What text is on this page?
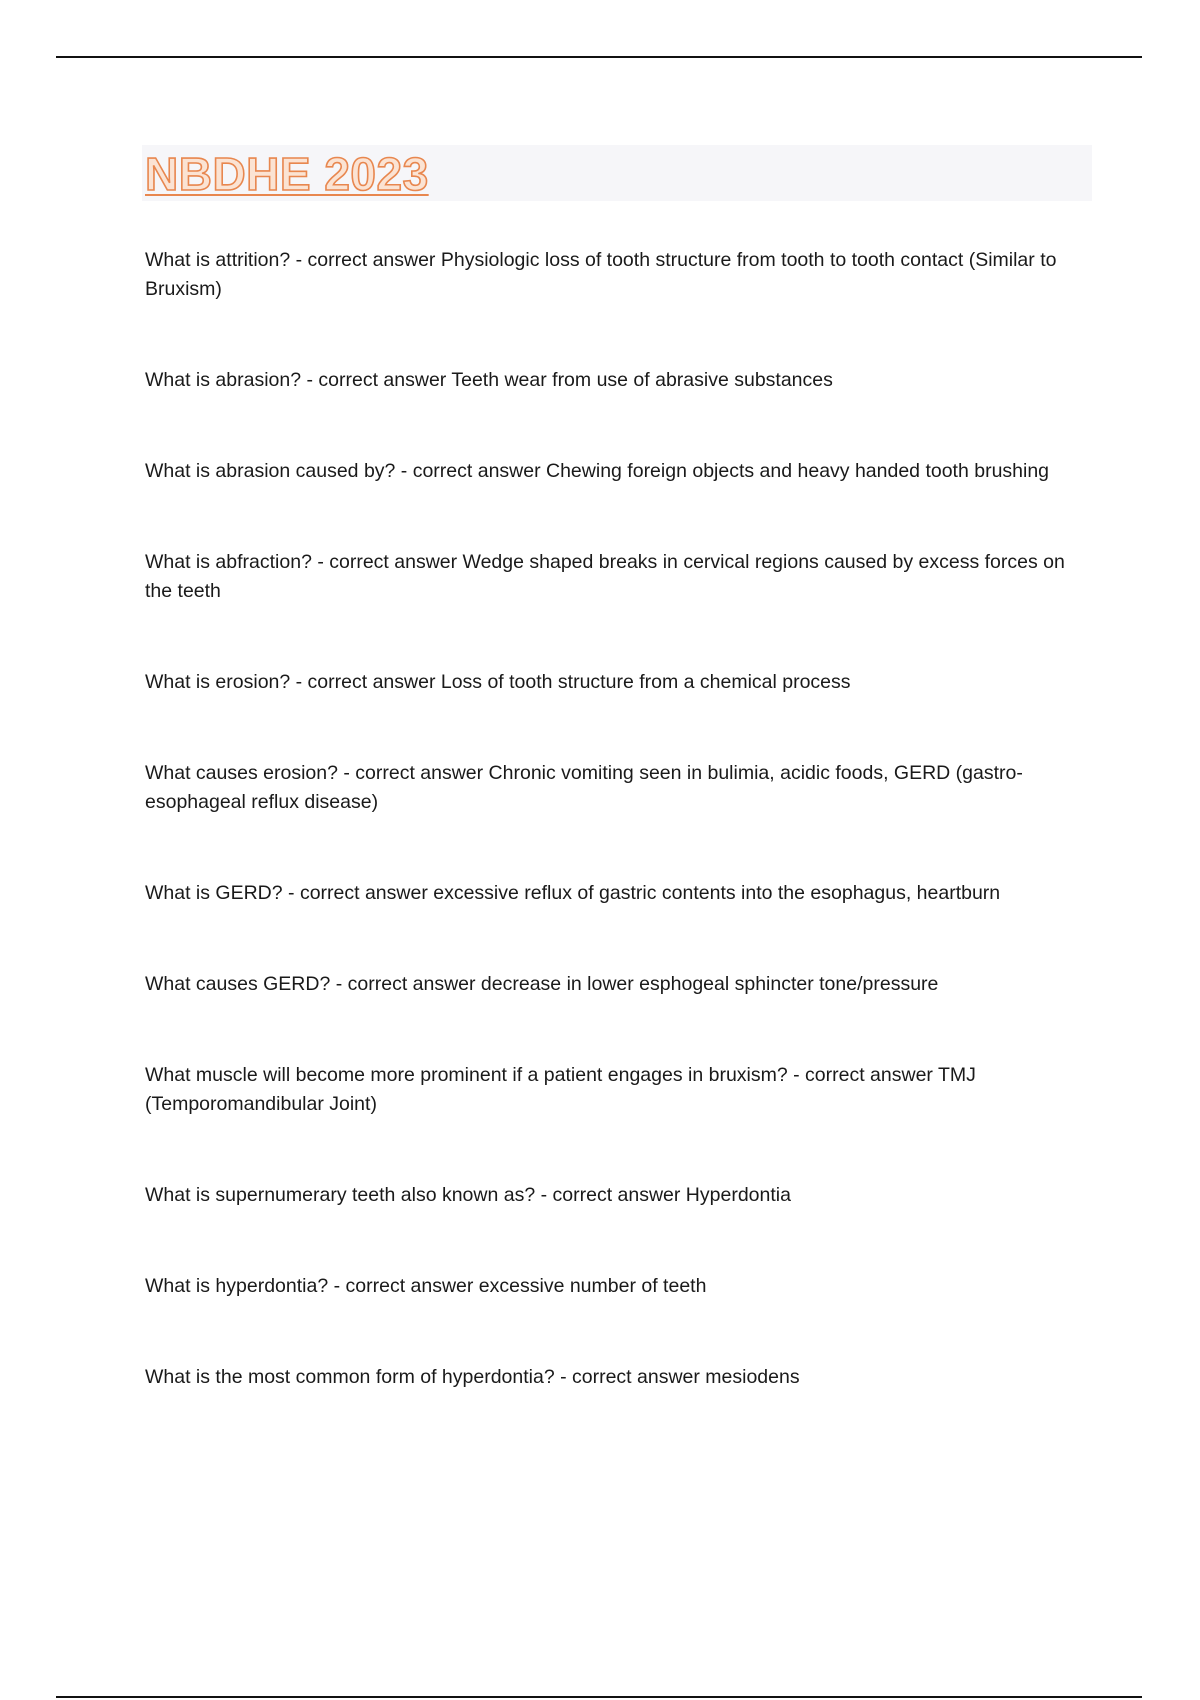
NBDHE 2023
What is attrition? - correct answer Physiologic loss of tooth structure from tooth to tooth contact (Similar to Bruxism)
What is abrasion? - correct answer Teeth wear from use of abrasive substances
What is abrasion caused by? - correct answer Chewing foreign objects and heavy handed tooth brushing
What is abfraction? - correct answer Wedge shaped breaks in cervical regions caused by excess forces on the teeth
What is erosion? - correct answer Loss of tooth structure from a chemical process
What causes erosion? - correct answer Chronic vomiting seen in bulimia, acidic foods, GERD (gastro-esophageal reflux disease)
What is GERD? - correct answer excessive reflux of gastric contents into the esophagus, heartburn
What causes GERD? - correct answer decrease in lower esphogeal sphincter tone/pressure
What muscle will become more prominent if a patient engages in bruxism? - correct answer TMJ (Temporomandibular Joint)
What is supernumerary teeth also known as? - correct answer Hyperdontia
What is hyperdontia? - correct answer excessive number of teeth
What is the most common form of hyperdontia? - correct answer mesiodens
